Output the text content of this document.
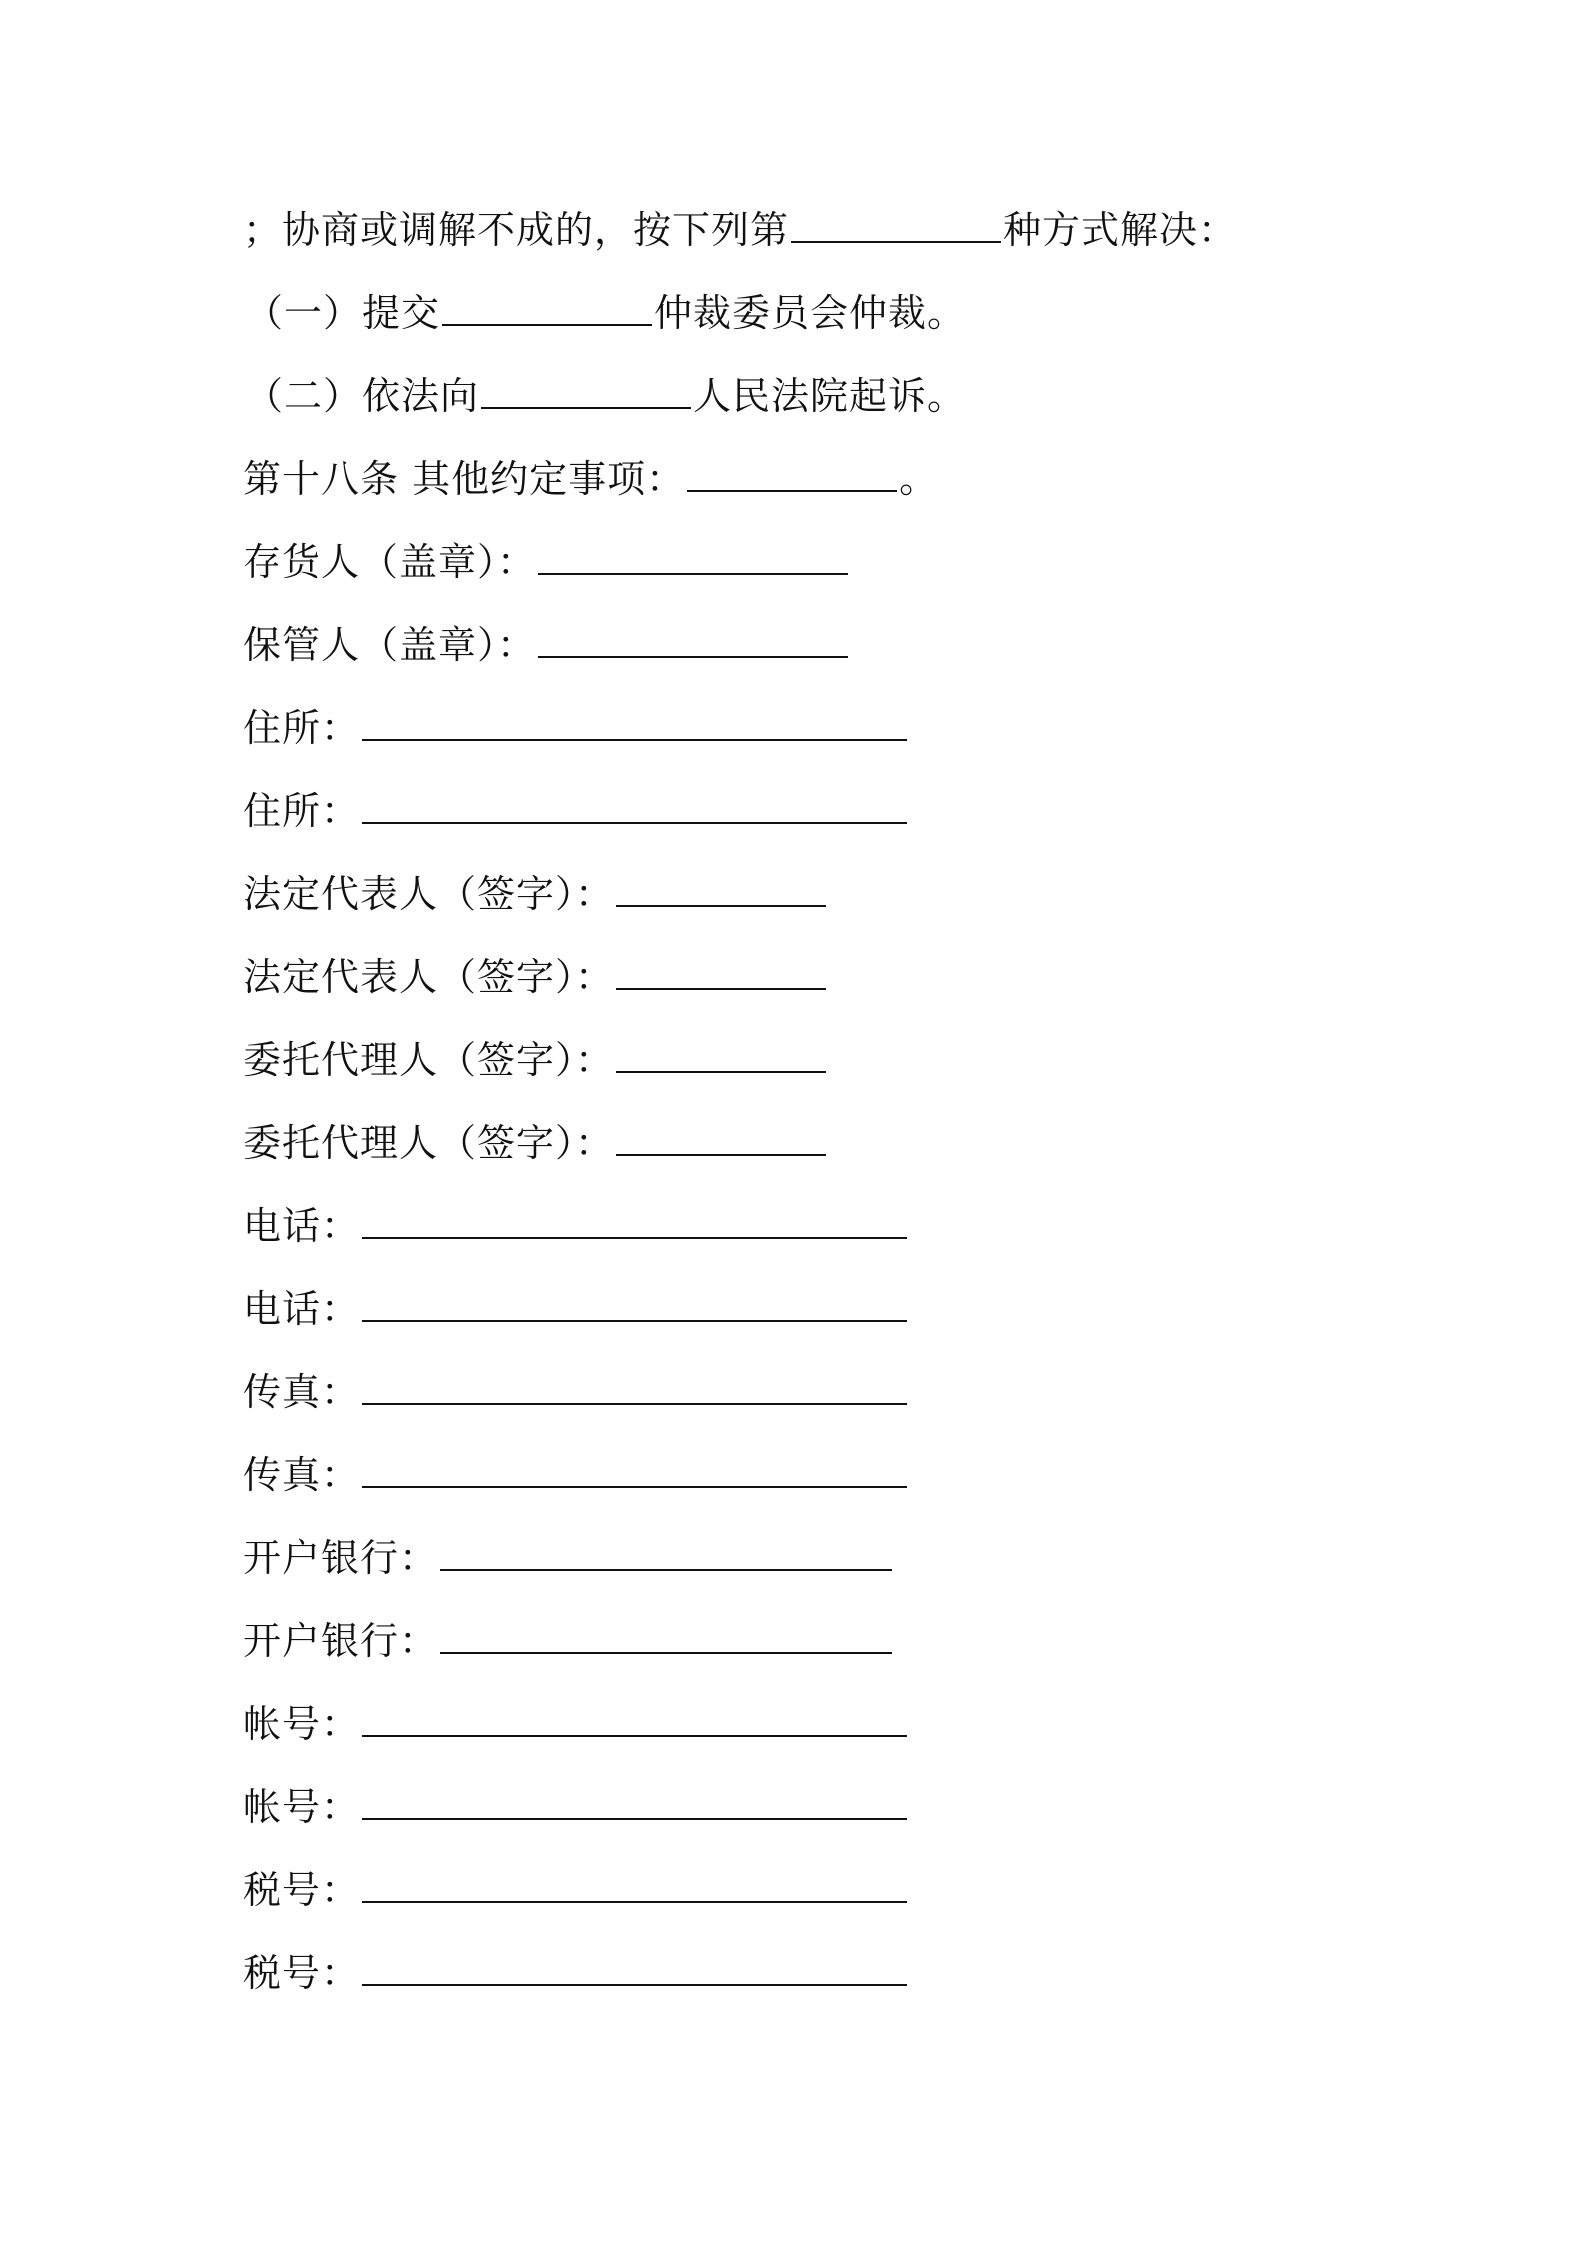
；协商或调解不成的，按下列第	种方式解决：
（一）提交	仲裁委员会仲裁。
（二）依法向	人民法院起诉。
第十八条 其他约定事项：	。
存货人（盖章）：
保管人（盖章）：
住所：
住所：
法定代表人（签字）：
法定代表人（签字）：
委托代理人（签字）：
委托代理人（签字）：
电话：
电话：
传真：
传真：
开户银行：
开户银行：
帐号：
帐号：
税号：
税号：
